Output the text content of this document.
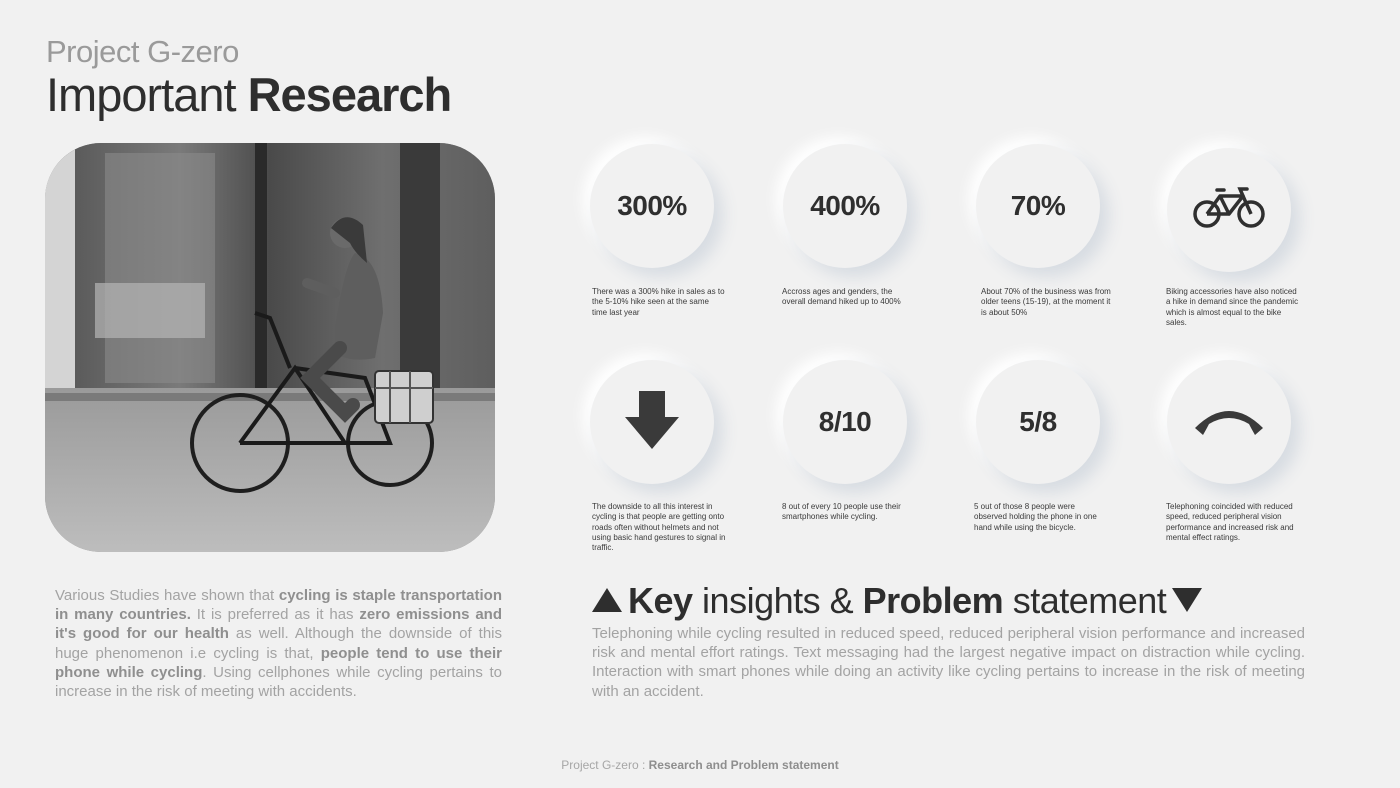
Project G-zero
Important Research
Various Studies have shown that cycling is staple transportation in many countries. It is preferred as it has zero emissions and it's good for our health as well. Although the downside of this huge phenomenon i.e cycling is that, people tend to use their phone while cycling. Using cellphones while cycling pertains to increase in the risk of meeting with accidents.
300%
There was a 300% hike in sales as to the 5-10% hike seen at the same time last year
400%
Accross ages and genders, the overall demand hiked up to 400%
70%
About 70% of the business was from older teens (15-19), at the moment it is about 50%
Biking accessories have also noticed a hike in demand since the pandemic which is almost equal to the bike sales.
The downside to all this interest in cycling is that people are getting onto roads often without helmets and not using basic hand gestures to signal in traffic.
8/10
8 out of every 10 people use their smartphones while cycling.
5/8
5 out of those 8 people were observed holding the phone in one hand while using the bicycle.
Telephoning coincided with reduced speed, reduced peripheral vision performance and increased risk and mental effect ratings.
Key insights & Problem statement
Telephoning while cycling resulted in reduced speed, reduced peripheral vision performance and increased risk and mental effort ratings. Text messaging had the largest negative impact on distraction while cycling. Interaction with smart phones while doing an activity like cycling pertains to increase in the risk of meeting with an accident.
Project G-zero : Research and Problem statement
